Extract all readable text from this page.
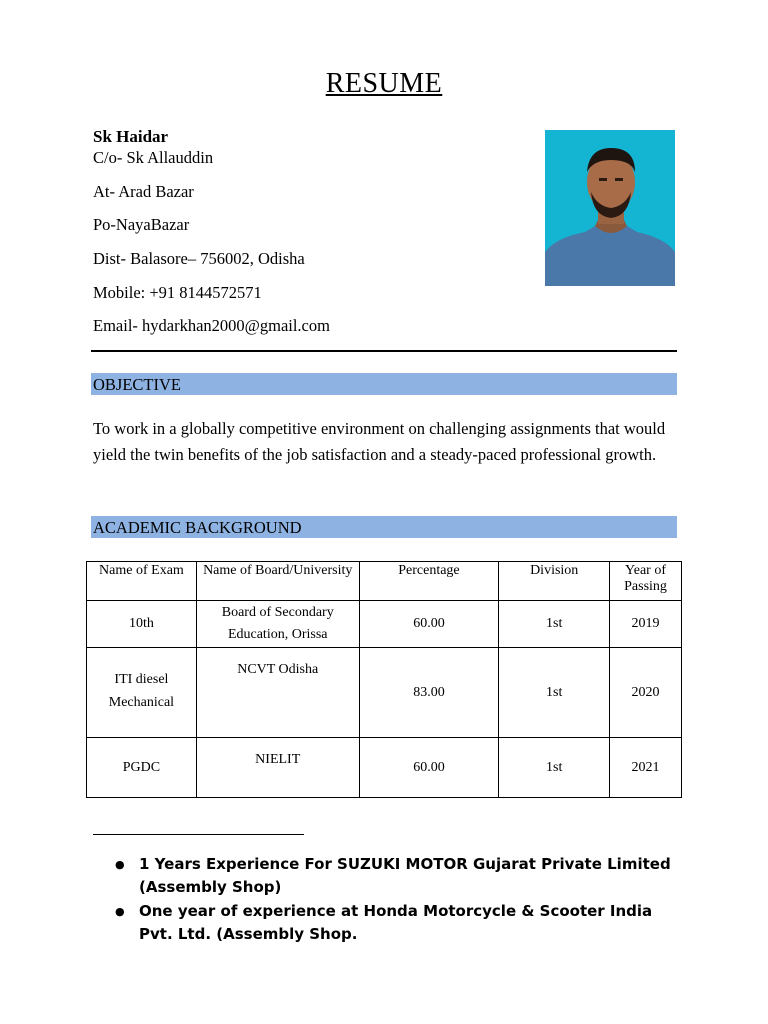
RESUME
Sk Haidar
C/o- Sk Allauddin
At- Arad Bazar
Po-NayaBazar
Dist- Balasore– 756002, Odisha
Mobile: +91 8144572571
Email- hydarkhan2000@gmail.com
OBJECTIVE
To work in a globally competitive environment on challenging assignments that would yield the twin benefits of the job satisfaction and a steady-paced professional growth.
ACADEMIC BACKGROUND
Name of Exam	Name of Board/University	Percentage	Division	Year of Passing
10th	Board of Secondary Education, Orissa	60.00	1st	2019
ITI diesel Mechanical	NCVT Odisha	83.00	1st	2020
PGDC	NIELIT	60.00	1st	2021
● 1 Years Experience For SUZUKI MOTOR Gujarat Private Limited (Assembly Shop)
● One year of experience at Honda Motorcycle & Scooter India Pvt. Ltd. (Assembly Shop.
